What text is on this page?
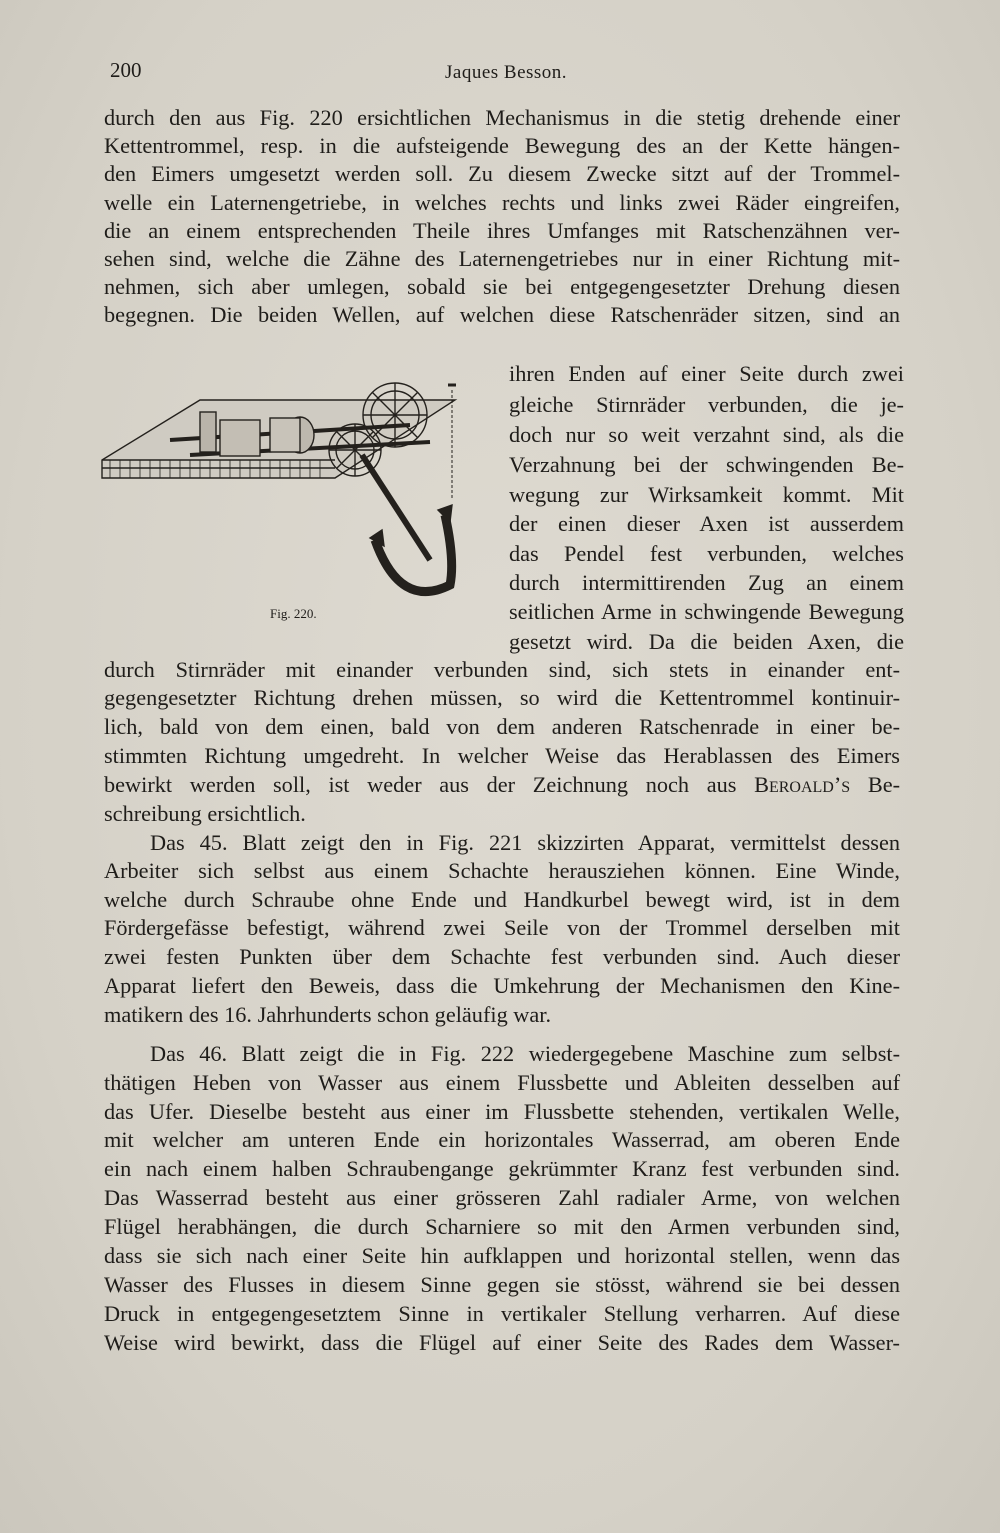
200	Jaques Besson.
durch den aus Fig. 220 ersichtlichen Mechanismus in die stetig drehende einer
Kettentrommel, resp. in die aufsteigende Bewegung des an der Kette hängen-
den Eimers umgesetzt werden soll. Zu diesem Zwecke sitzt auf der Trommel-
welle ein Laternengetriebe, in welches rechts und links zwei Räder eingreifen,
die an einem entsprechenden Theile ihres Umfanges mit Ratschenzähnen ver-
sehen sind, welche die Zähne des Laternengetriebes nur in einer Richtung mit-
nehmen, sich aber umlegen, sobald sie bei entgegengesetzter Drehung diesen
begegnen. Die beiden Wellen, auf welchen diese Ratschenräder sitzen, sind an
Fig. 220.
ihren Enden auf einer Seite durch zwei
gleiche Stirnräder verbunden, die je-
doch nur so weit verzahnt sind, als die
Verzahnung bei der schwingenden Be-
wegung zur Wirksamkeit kommt. Mit
der einen dieser Axen ist ausserdem
das Pendel fest verbunden, welches
durch intermittirenden Zug an einem
seitlichen Arme in schwingende Bewegung
gesetzt wird. Da die beiden Axen, die
durch Stirnräder mit einander verbunden sind, sich stets in einander ent-
gegengesetzter Richtung drehen müssen, so wird die Kettentrommel kontinuir-
lich, bald von dem einen, bald von dem anderen Ratschenrade in einer be-
stimmten Richtung umgedreht. In welcher Weise das Herablassen des Eimers
bewirkt werden soll, ist weder aus der Zeichnung noch aus Beroald’s Be-
schreibung ersichtlich.
Das 45. Blatt zeigt den in Fig. 221 skizzirten Apparat, vermittelst dessen
Arbeiter sich selbst aus einem Schachte herausziehen können. Eine Winde,
welche durch Schraube ohne Ende und Handkurbel bewegt wird, ist in dem
Fördergefässe befestigt, während zwei Seile von der Trommel derselben mit
zwei festen Punkten über dem Schachte fest verbunden sind. Auch dieser
Apparat liefert den Beweis, dass die Umkehrung der Mechanismen den Kine-
matikern des 16. Jahrhunderts schon geläufig war.
Das 46. Blatt zeigt die in Fig. 222 wiedergegebene Maschine zum selbst-
thätigen Heben von Wasser aus einem Flussbette und Ableiten desselben auf
das Ufer. Dieselbe besteht aus einer im Flussbette stehenden, vertikalen Welle,
mit welcher am unteren Ende ein horizontales Wasserrad, am oberen Ende
ein nach einem halben Schraubengange gekrümmter Kranz fest verbunden sind.
Das Wasserrad besteht aus einer grösseren Zahl radialer Arme, von welchen
Flügel herabhängen, die durch Scharniere so mit den Armen verbunden sind,
dass sie sich nach einer Seite hin aufklappen und horizontal stellen, wenn das
Wasser des Flusses in diesem Sinne gegen sie stösst, während sie bei dessen
Druck in entgegengesetztem Sinne in vertikaler Stellung verharren. Auf diese
Weise wird bewirkt, dass die Flügel auf einer Seite des Rades dem Wasser-
